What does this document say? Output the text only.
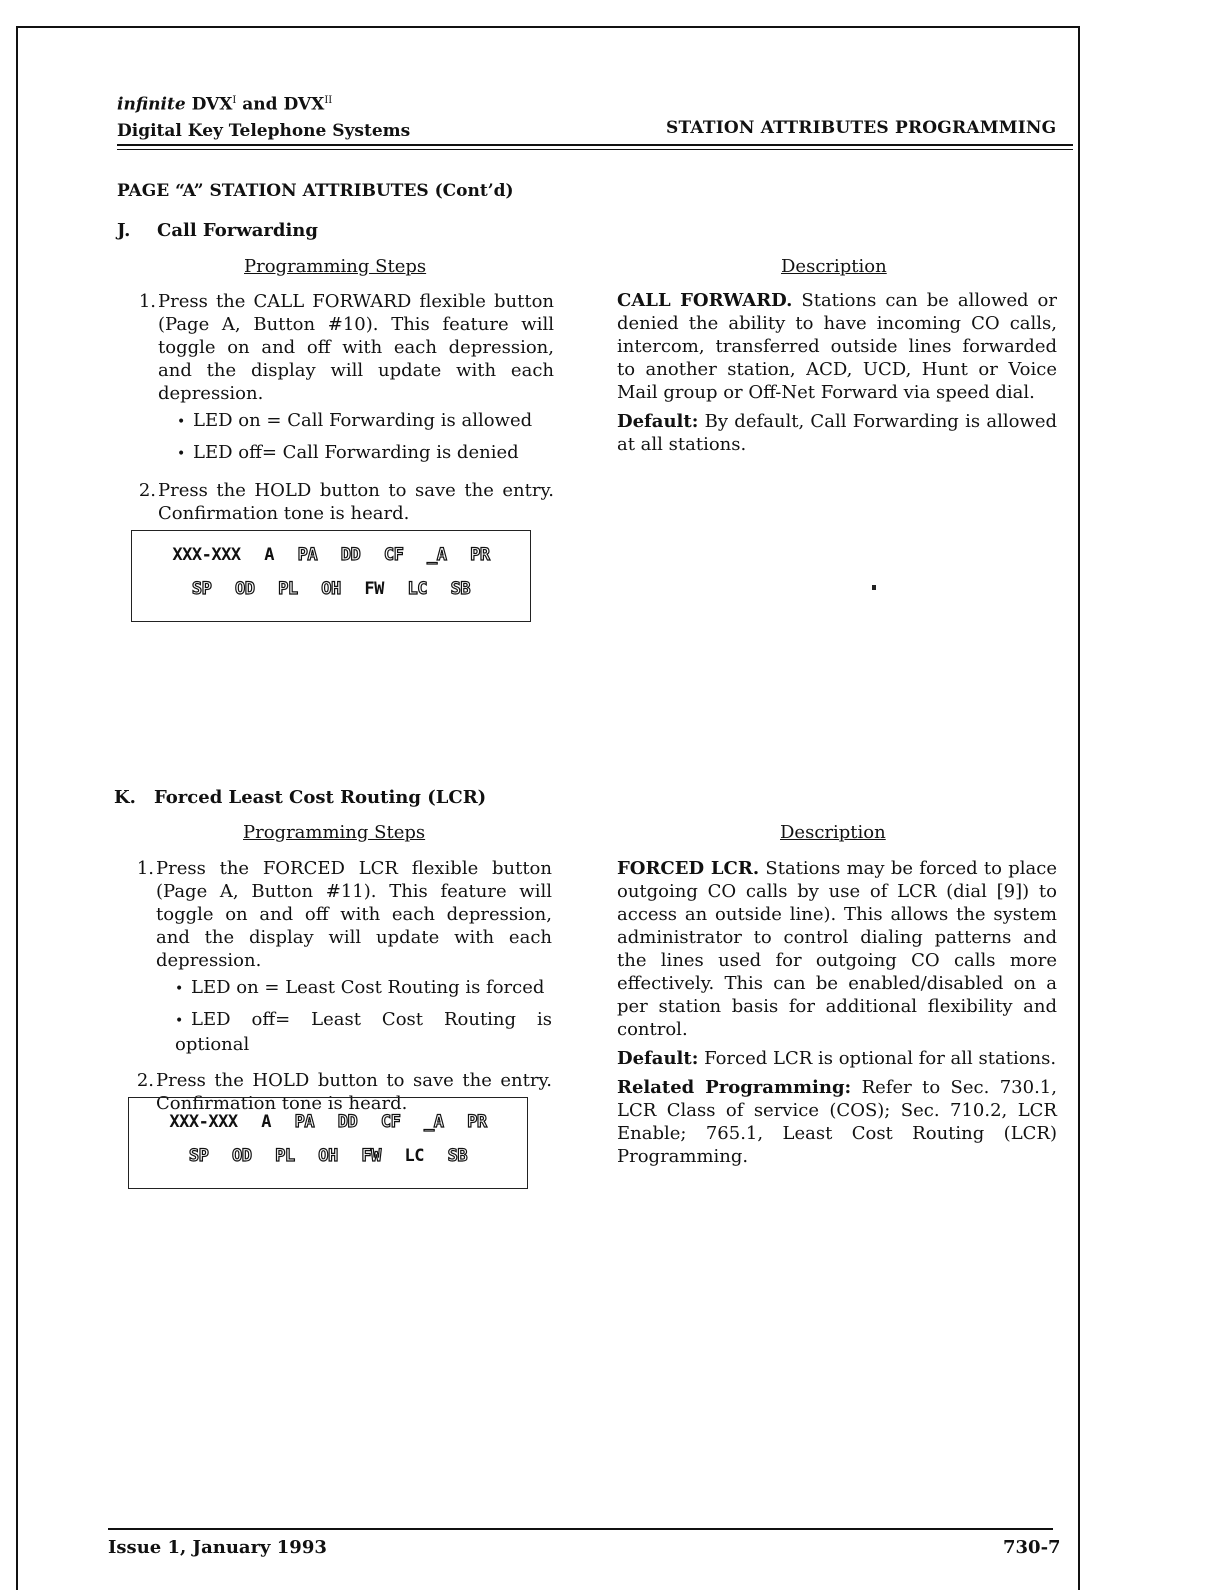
infinite $DVX^I$ and $DVX^{II}$
Digital Key Telephone Systems	STATION ATTRIBUTES PROGRAMMING
PAGE “A” STATION ATTRIBUTES (Cont’d)
J. Call Forwarding
Programming Steps	Description
1. Press the CALL FORWARD flexible button (Page A, Button #10). This feature will toggle on and off with each depression, and the display will update with each depression.
• LED on = Call Forwarding is allowed
• LED off= Call Forwarding is denied
2. Press the HOLD button to save the entry. Confirmation tone is heard.

CALL FORWARD. Stations can be allowed or denied the ability to have incoming CO calls, intercom, transferred outside lines forwarded to another station, ACD, UCD, Hunt or Voice Mail group or Off-Net Forward via speed dial.

Default: By default, Call Forwarding is allowed at all stations.

XXX-XXX A PA DD CF _A PR
SP OD PL OH FW LC SB
K. Forced Least Cost Routing (LCR)
Programming Steps	Description
1. Press the FORCED LCR flexible button (Page A, Button #11). This feature will toggle on and off with each depression, and the display will update with each depression.
• LED on = Least Cost Routing is forced
• LED off= Least Cost Routing is optional
2. Press the HOLD button to save the entry. Confirmation tone is heard.

FORCED LCR. Stations may be forced to place outgoing CO calls by use of LCR (dial [9]) to access an outside line). This allows the system administrator to control dialing patterns and the lines used for outgoing CO calls more effectively. This can be enabled/disabled on a per station basis for additional flexibility and control.

Default: Forced LCR is optional for all stations.

Related Programming: Refer to Sec. 730.1, LCR Class of service (COS); Sec. 710.2, LCR Enable; 765.1, Least Cost Routing (LCR) Programming.

XXX-XXX A PA DD CF _A PR
SP OD PL OH FW LC SB
Issue 1, January 1993	730-7
